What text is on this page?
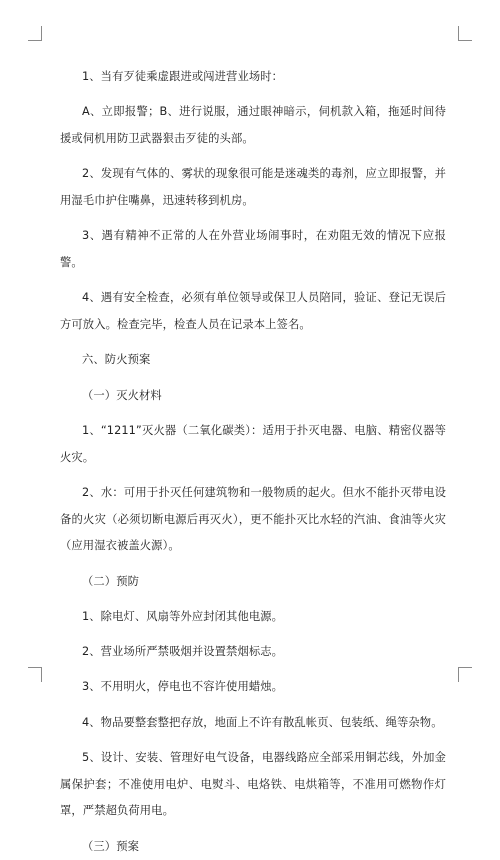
1、当有歹徒乘虚跟进或闯进营业场时：

A、立即报警；B、进行说服，通过眼神暗示，伺机款入箱，拖延时间待援或伺机用防卫武器狠击歹徒的头部。

2、发现有气体的、雾状的现象很可能是迷魂类的毒剂，应立即报警，并用湿毛巾护住嘴鼻，迅速转移到机房。

3、遇有精神不正常的人在外营业场闹事时，在劝阻无效的情况下应报警。

4、遇有安全检查，必须有单位领导或保卫人员陪同，验证、登记无误后方可放入。检查完毕，检查人员在记录本上签名。

六、防火预案

（一）灭火材料

1、“1211”灭火器（二氧化碳类）：适用于扑灭电器、电脑、精密仪器等火灾。

2、水：可用于扑灭任何建筑物和一般物质的起火。但水不能扑灭带电设备的火灾（必须切断电源后再灭火），更不能扑灭比水轻的汽油、食油等火灾（应用湿衣被盖火源）。

（二）预防

1、除电灯、风扇等外应封闭其他电源。

2、营业场所严禁吸烟并设置禁烟标志。

3、不用明火，停电也不容许使用蜡烛。

4、物品要整套整把存放，地面上不许有散乱帐页、包装纸、绳等杂物。

5、设计、安装、管理好电气设备，电器线路应全部采用铜芯线，外加金属保护套；不准使用电炉、电熨斗、电烙铁、电烘箱等，不准用可燃物作灯罩，严禁超负荷用电。

（三）预案
